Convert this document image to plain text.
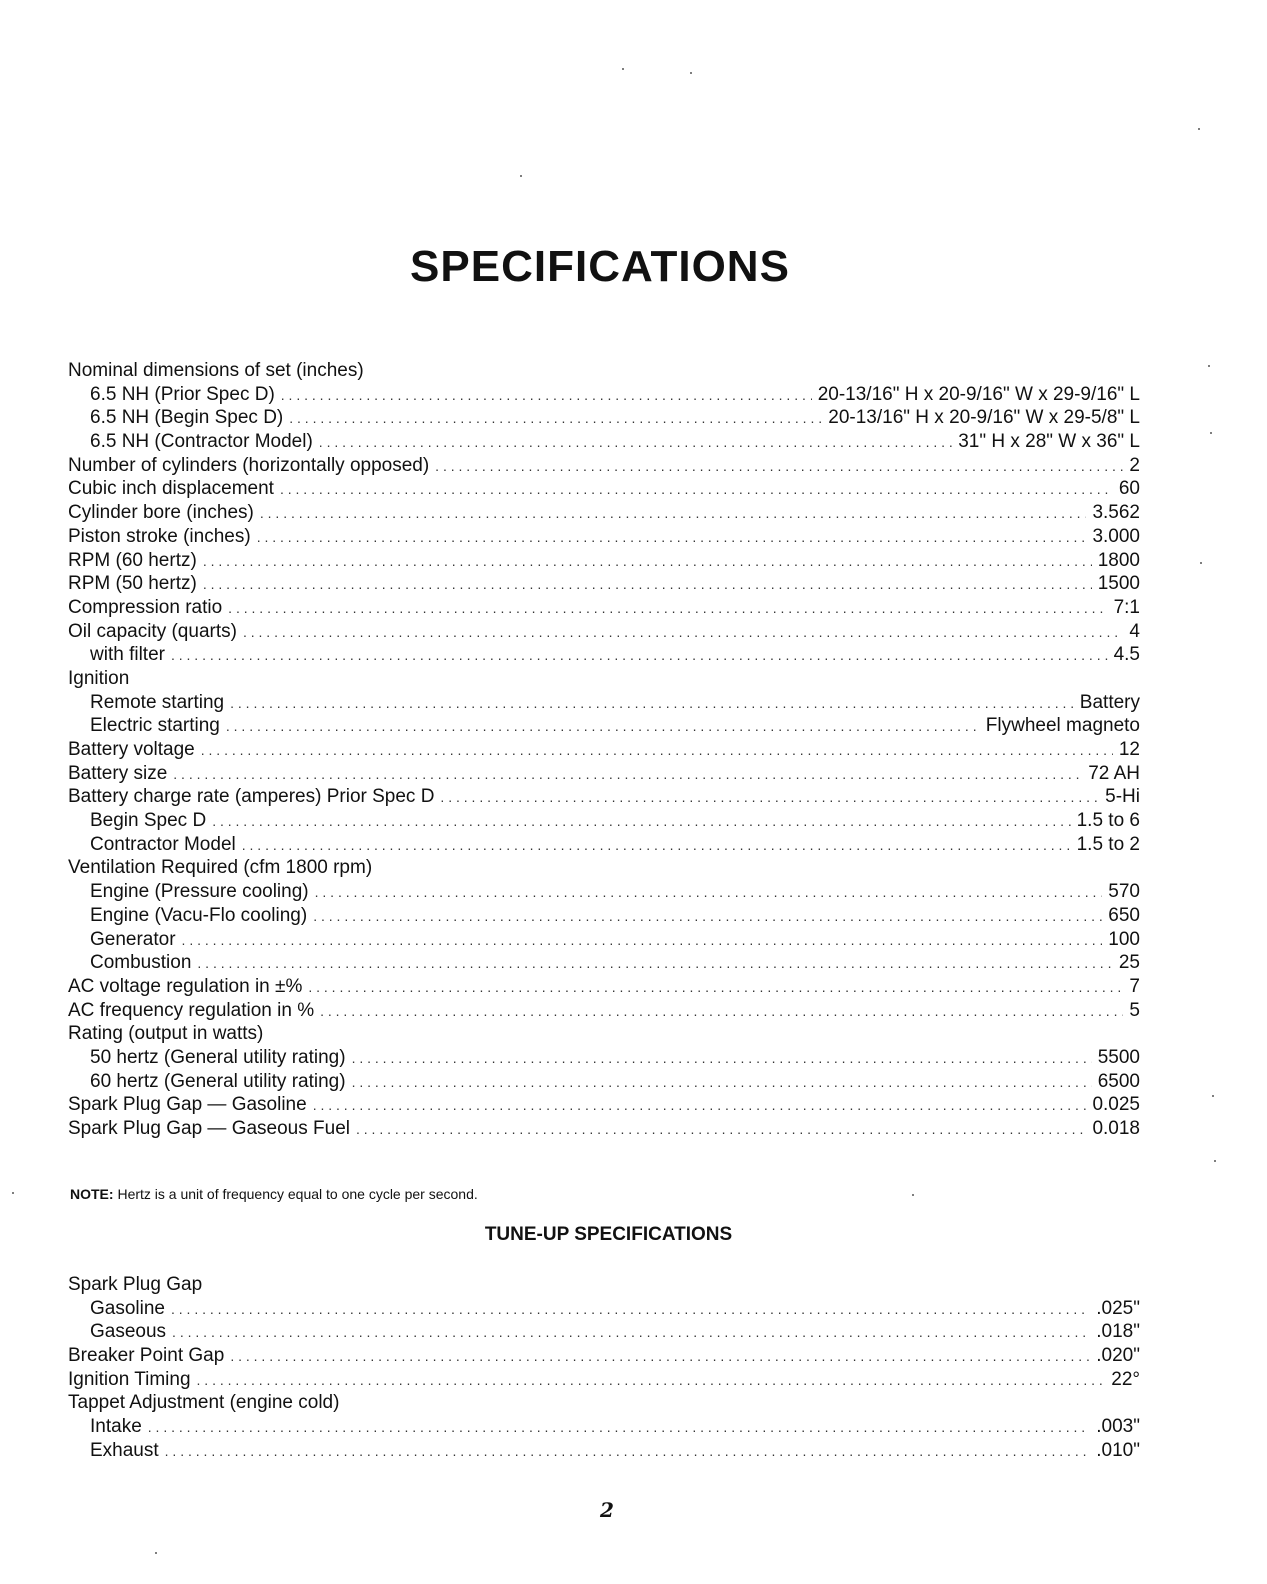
SPECIFICATIONS
Nominal dimensions of set (inches)
6.5 NH (Prior Spec D) . . .	20-13/16" H x 20-9/16" W x 29-9/16" L
6.5 NH (Begin Spec D) . . .	20-13/16" H x 20-9/16" W x 29-5/8" L
6.5 NH (Contractor Model) . . .	31" H x 28" W x 36" L
Number of cylinders (horizontally opposed) . . .	2
Cubic inch displacement . . .	60
Cylinder bore (inches) . . .	3.562
Piston stroke (inches) . . .	3.000
RPM (60 hertz) . . .	1800
RPM (50 hertz) . . .	1500
Compression ratio . . .	7:1
Oil capacity (quarts) . . .	4
with filter . . .	4.5
Ignition
Remote starting . . .	Battery
Electric starting . . .	Flywheel magneto
Battery voltage . . .	12
Battery size . . .	72 AH
Battery charge rate (amperes) Prior Spec D . . .	5-Hi
Begin Spec D . . .	1.5 to 6
Contractor Model . . .	1.5 to 2
Ventilation Required (cfm 1800 rpm)
Engine (Pressure cooling) . . .	570
Engine (Vacu-Flo cooling) . . .	650
Generator . . .	100
Combustion . . .	25
AC voltage regulation in ±% . . .	7
AC frequency regulation in % . . .	5
Rating (output in watts)
50 hertz (General utility rating) . . .	5500
60 hertz (General utility rating) . . .	6500
Spark Plug Gap — Gasoline . . .	0.025
Spark Plug Gap — Gaseous Fuel . . .	0.018

NOTE: Hertz is a unit of frequency equal to one cycle per second.

TUNE-UP SPECIFICATIONS
Spark Plug Gap
Gasoline . . .	.025"
Gaseous . . .	.018"
Breaker Point Gap . . .	.020"
Ignition Timing . . .	22°
Tappet Adjustment (engine cold)
Intake . . .	.003"
Exhaust . . .	.010"

2
